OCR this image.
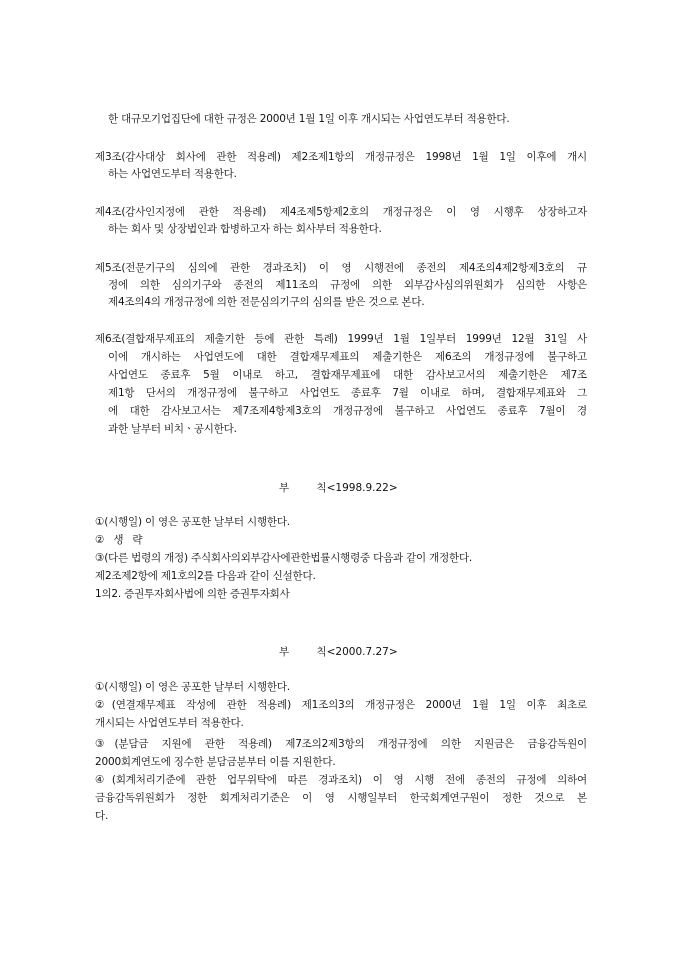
한 대규모기업집단에 대한 규정은 2000년 1월 1일 이후 개시되는 사업연도부터 적용한다.
제3조(감사대상 회사에 관한 적용례) 제2조제1항의 개정규정은 1998년 1월 1일 이후에 개시
하는 사업연도부터 적용한다.
제4조(감사인지정에 관한 적용례) 제4조제5항제2호의 개정규정은 이 영 시행후 상장하고자
하는 회사 및 상장법인과 합병하고자 하는 회사부터 적용한다.
제5조(전문기구의 심의에 관한 경과조치) 이 영 시행전에 종전의 제4조의4제2항제3호의 규
정에 의한 심의기구와 종전의 제11조의 규정에 의한 외부감사심의위원회가 심의한 사항은
제4조의4의 개정규정에 의한 전문심의기구의 심의를 받은 것으로 본다.
제6조(결합재무제표의 제출기한 등에 관한 특례) 1999년 1월 1일부터 1999년 12월 31일 사
이에 개시하는 사업연도에 대한 결합재무제표의 제출기한은 제6조의 개정규정에 불구하고
사업연도 종료후 5월 이내로 하고, 결합재무제표에 대한 감사보고서의 제출기한은 제7조
제1항 단서의 개정규정에 불구하고 사업연도 종료후 7월 이내로 하며, 결합재무제표와 그
에 대한 감사보고서는 제7조제4항제3호의 개정규정에 불구하고 사업연도 종료후 7월이 경
과한 날부터 비치ㆍ공시한다.
부 칙<1998.9.22>
①(시행일) 이 영은 공포한 날부터 시행한다.
② 생 략
③(다른 법령의 개정) 주식회사의외부감사에관한법률시행령중 다음과 같이 개정한다.
제2조제2항에 제1호의2를 다음과 같이 신설한다.
1의2. 증권투자회사법에 의한 증권투자회사
부 칙<2000.7.27>
①(시행일) 이 영은 공포한 날부터 시행한다.
②(연결재무제표 작성에 관한 적용례) 제1조의3의 개정규정은 2000년 1월 1일 이후 최초로
개시되는 사업연도부터 적용한다.
③(분담금 지원에 관한 적용례) 제7조의2제3항의 개정규정에 의한 지원금은 금융감독원이
2000회계연도에 징수한 분담금분부터 이를 지원한다.
④(회계처리기준에 관한 업무위탁에 따른 경과조치) 이 영 시행 전에 종전의 규정에 의하여
금융감독위원회가 정한 회계처리기준은 이 영 시행일부터 한국회계연구원이 정한 것으로 본
다.
